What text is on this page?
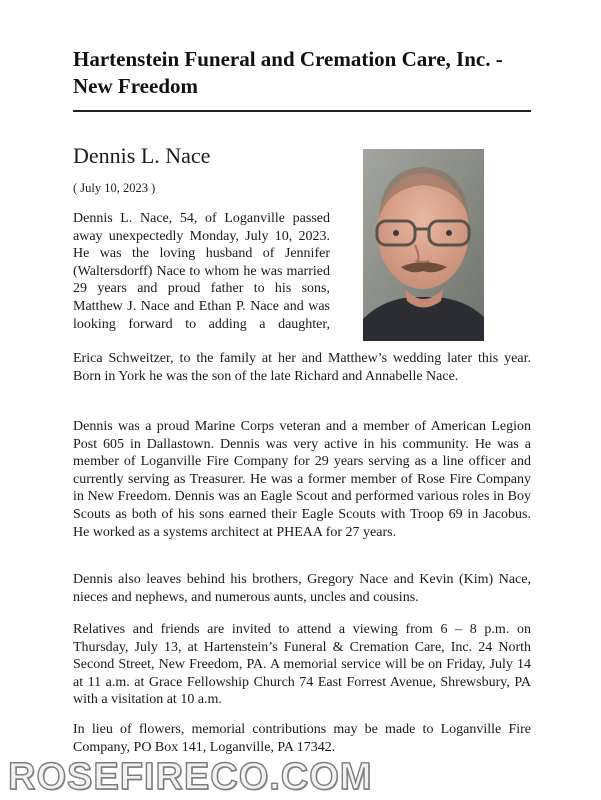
Hartenstein Funeral and Cremation Care, Inc. - New Freedom
Dennis L. Nace
( July 10, 2023 )
Dennis L. Nace, 54, of Loganville passed away unexpectedly Monday, July 10, 2023. He was the loving husband of Jennifer (Waltersdorff) Nace to whom he was married 29 years and proud father to his sons, Matthew J. Nace and Ethan P. Nace and was looking forward to adding a daughter,
Erica Schweitzer, to the family at her and Matthew’s wedding later this year. Born in York he was the son of the late Richard and Annabelle Nace.

Dennis was a proud Marine Corps veteran and a member of American Legion Post 605 in Dallastown. Dennis was very active in his community. He was a member of Loganville Fire Company for 29 years serving as a line officer and currently serving as Treasurer. He was a former member of Rose Fire Company in New Freedom. Dennis was an Eagle Scout and performed various roles in Boy Scouts as both of his sons earned their Eagle Scouts with Troop 69 in Jacobus. He worked as a systems architect at PHEAA for 27 years.

Dennis also leaves behind his brothers, Gregory Nace and Kevin (Kim) Nace, nieces and nephews, and numerous aunts, uncles and cousins.

Relatives and friends are invited to attend a viewing from 6 – 8 p.m. on Thursday, July 13, at Hartenstein’s Funeral & Cremation Care, Inc. 24 North Second Street, New Freedom, PA. A memorial service will be on Friday, July 14 at 11 a.m. at Grace Fellowship Church 74 East Forrest Avenue, Shrewsbury, PA with a visitation at 10 a.m.

In lieu of flowers, memorial contributions may be made to Loganville Fire Company, PO Box 141, Loganville, PA 17342.

ROSEFIRECO.COM
